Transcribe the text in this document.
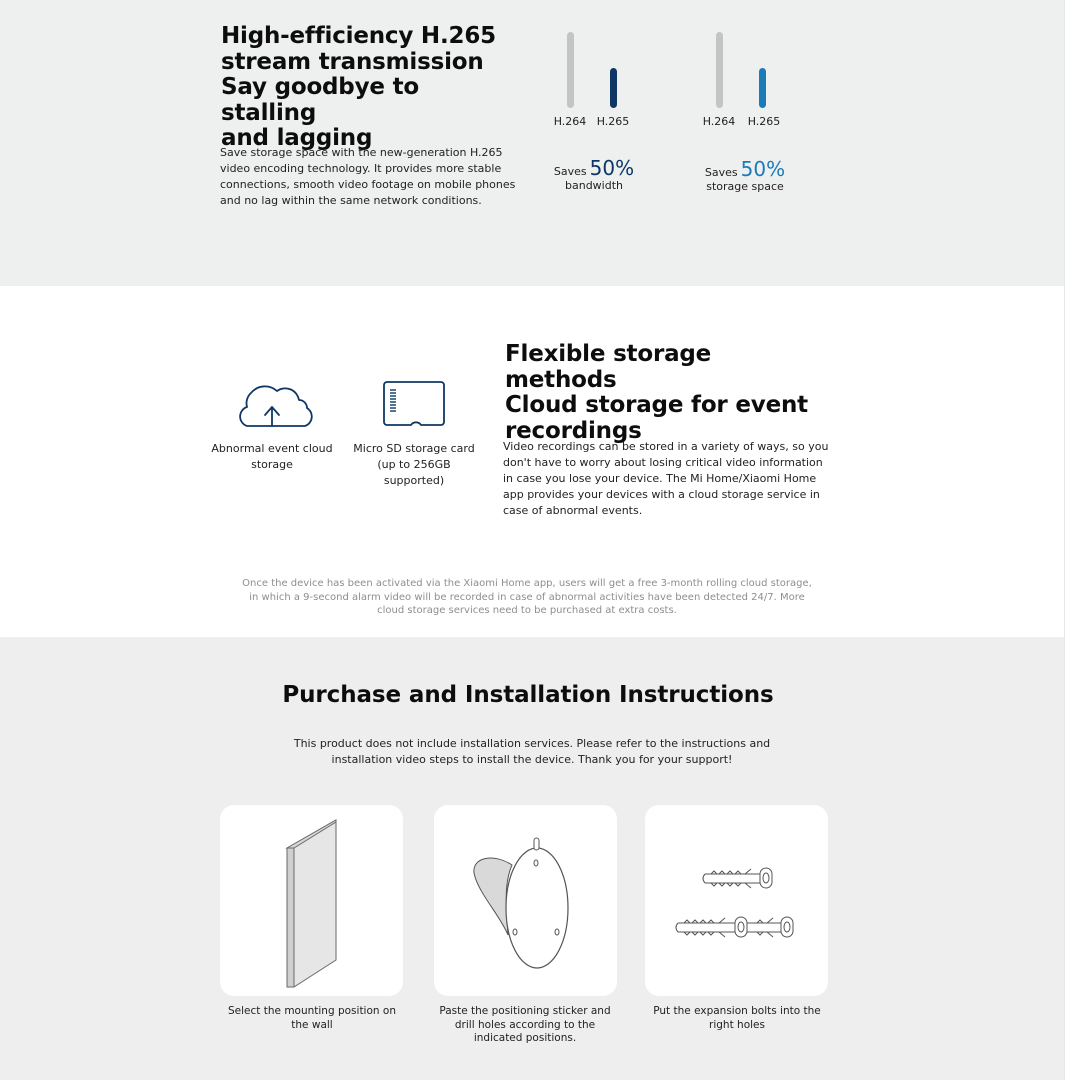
High-efficiency H.265
stream transmission
Say goodbye to stalling
and lagging

Save storage space with the new-generation H.265 video encoding technology. It provides more stable connections, smooth video footage on mobile phones and no lag within the same network conditions.

H.264 H.265
Saves 50%
bandwidth
H.264	H.265
Saves 50%
storage space
Abnormal event cloud
storage
Micro SD storage card
(up to 256GB
supported)
Flexible storage methods
Cloud storage for event
recordings

Video recordings can be stored in a variety of ways, so you don't have to worry about losing critical video information in case you lose your device. The Mi Home/Xiaomi Home app provides your devices with a cloud storage service in case of abnormal events.

Once the device has been activated via the Xiaomi Home app, users will get a free 3-month rolling cloud storage,
in which a 9-second alarm video will be recorded in case of abnormal activities have been detected 24/7. More
cloud storage services need to be purchased at extra costs.
Purchase and Installation Instructions
This product does not include installation services. Please refer to the instructions and
installation video steps to install the device. Thank you for your support!
Select the mounting position on
the wall
Paste the positioning sticker and
drill holes according to the
indicated positions.
Put the expansion bolts into the
right holes
